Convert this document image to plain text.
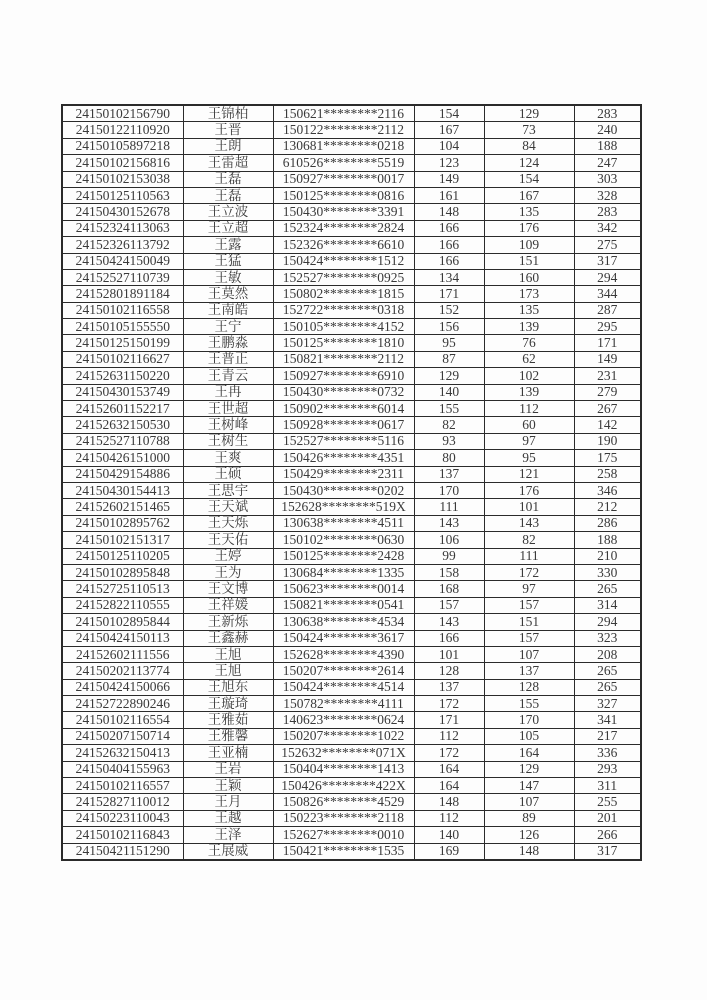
24150102156790	王锦柏	150621********2116	154	129	283
24150122110920	王晋	150122********2112	167	73	240
24150105897218	王朗	130681********0218	104	84	188
24150102156816	王雷超	610526********5519	123	124	247
24150102153038	王磊	150927********0017	149	154	303
24150125110563	王磊	150125********0816	161	167	328
24150430152678	王立波	150430********3391	148	135	283
24152324113063	王立超	152324********2824	166	176	342
24152326113792	王露	152326********6610	166	109	275
24150424150049	王猛	150424********1512	166	151	317
24152527110739	王敏	152527********0925	134	160	294
24152801891184	王莫然	150802********1815	171	173	344
24150102116558	王南皓	152722********0318	152	135	287
24150105155550	王宁	150105********4152	156	139	295
24150125150199	王鹏淼	150125********1810	95	76	171
24150102116627	王普正	150821********2112	87	62	149
24152631150220	王青云	150927********6910	129	102	231
24150430153749	王冉	150430********0732	140	139	279
24152601152217	王世超	150902********6014	155	112	267
24152632150530	王树峰	150928********0617	82	60	142
24152527110788	王树生	152527********5116	93	97	190
24150426151000	王爽	150426********4351	80	95	175
24150429154886	王硕	150429********2311	137	121	258
24150430154413	王思宇	150430********0202	170	176	346
24152602151465	王天斌	152628********519X	111	101	212
24150102895762	王天烁	130638********4511	143	143	286
24150102151317	王天佑	150102********0630	106	82	188
24150125110205	王婷	150125********2428	99	111	210
24150102895848	王为	130684********1335	158	172	330
24152725110513	王文博	150623********0014	168	97	265
24152822110555	王祥媛	150821********0541	157	157	314
24150102895844	王新烁	130638********4534	143	151	294
24150424150113	王鑫赫	150424********3617	166	157	323
24152602111556	王旭	152628********4390	101	107	208
24150202113774	王旭	150207********2614	128	137	265
24150424150066	王旭东	150424********4514	137	128	265
24152722890246	王璇琦	150782********4111	172	155	327
24150102116554	王雅茹	140623********0624	171	170	341
24150207150714	王雅馨	150207********1022	112	105	217
24152632150413	王亚楠	152632********071X	172	164	336
24150404155963	王岩	150404********1413	164	129	293
24150102116557	王颖	150426********422X	164	147	311
24152827110012	王月	150826********4529	148	107	255
24150223110043	王越	150223********2118	112	89	201
24150102116843	王泽	152627********0010	140	126	266
24150421151290	王展威	150421********1535	169	148	317
